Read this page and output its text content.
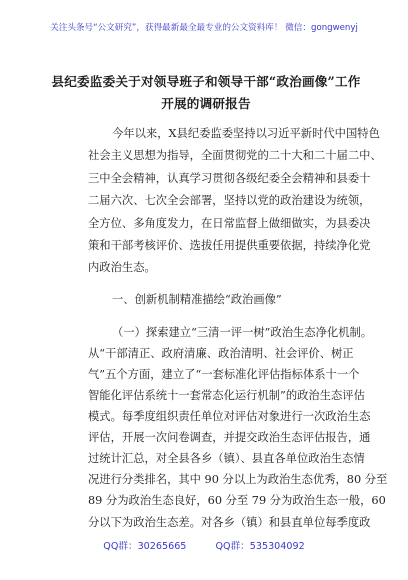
关注头条号“公文研究”，获得最新最全最专业的公文资料库！ 微信：gongwenyj
县纪委监委关于对领导班子和领导干部“政治画像”工作
开展的调研报告
今年以来，X县纪委监委坚持以习近平新时代中国特色
社会主义思想为指导，全面贯彻党的二十大和二十届二中、
三中全会精神，认真学习贯彻各级纪委全会精神和县委十
二届六次、七次全会部署，坚持以党的政治建设为统领，
全方位、多角度发力，在日常监督上做细做实，为县委决
策和干部考核评价、选拔任用提供重要依据，持续净化党
内政治生态。
一、创新机制精准描绘“政治画像”
（一）探索建立“三清一评一树”政治生态净化机制。
从“干部清正、政府清廉、政治清明、社会评价、树正
气”五个方面，建立了“一套标准化评估指标体系十一个
智能化评估系统十一套常态化运行机制”的政治生态评估
模式。每季度组织责任单位对评估对象进行一次政治生态
评估，开展一次问卷调查，并提交政治生态评估报告，通
过统计汇总，对全县各乡（镇）、县直各单位政治生态情
况进行分类排名，其中 90 分以上为政治生态优秀，80 分至
89 分为政治生态良好，60 分至 79 分为政治生态一般，60
分以下为政治生态差。对各乡（镇）和县直单位每季度政
QQ群：30265665	QQ群：535304092
